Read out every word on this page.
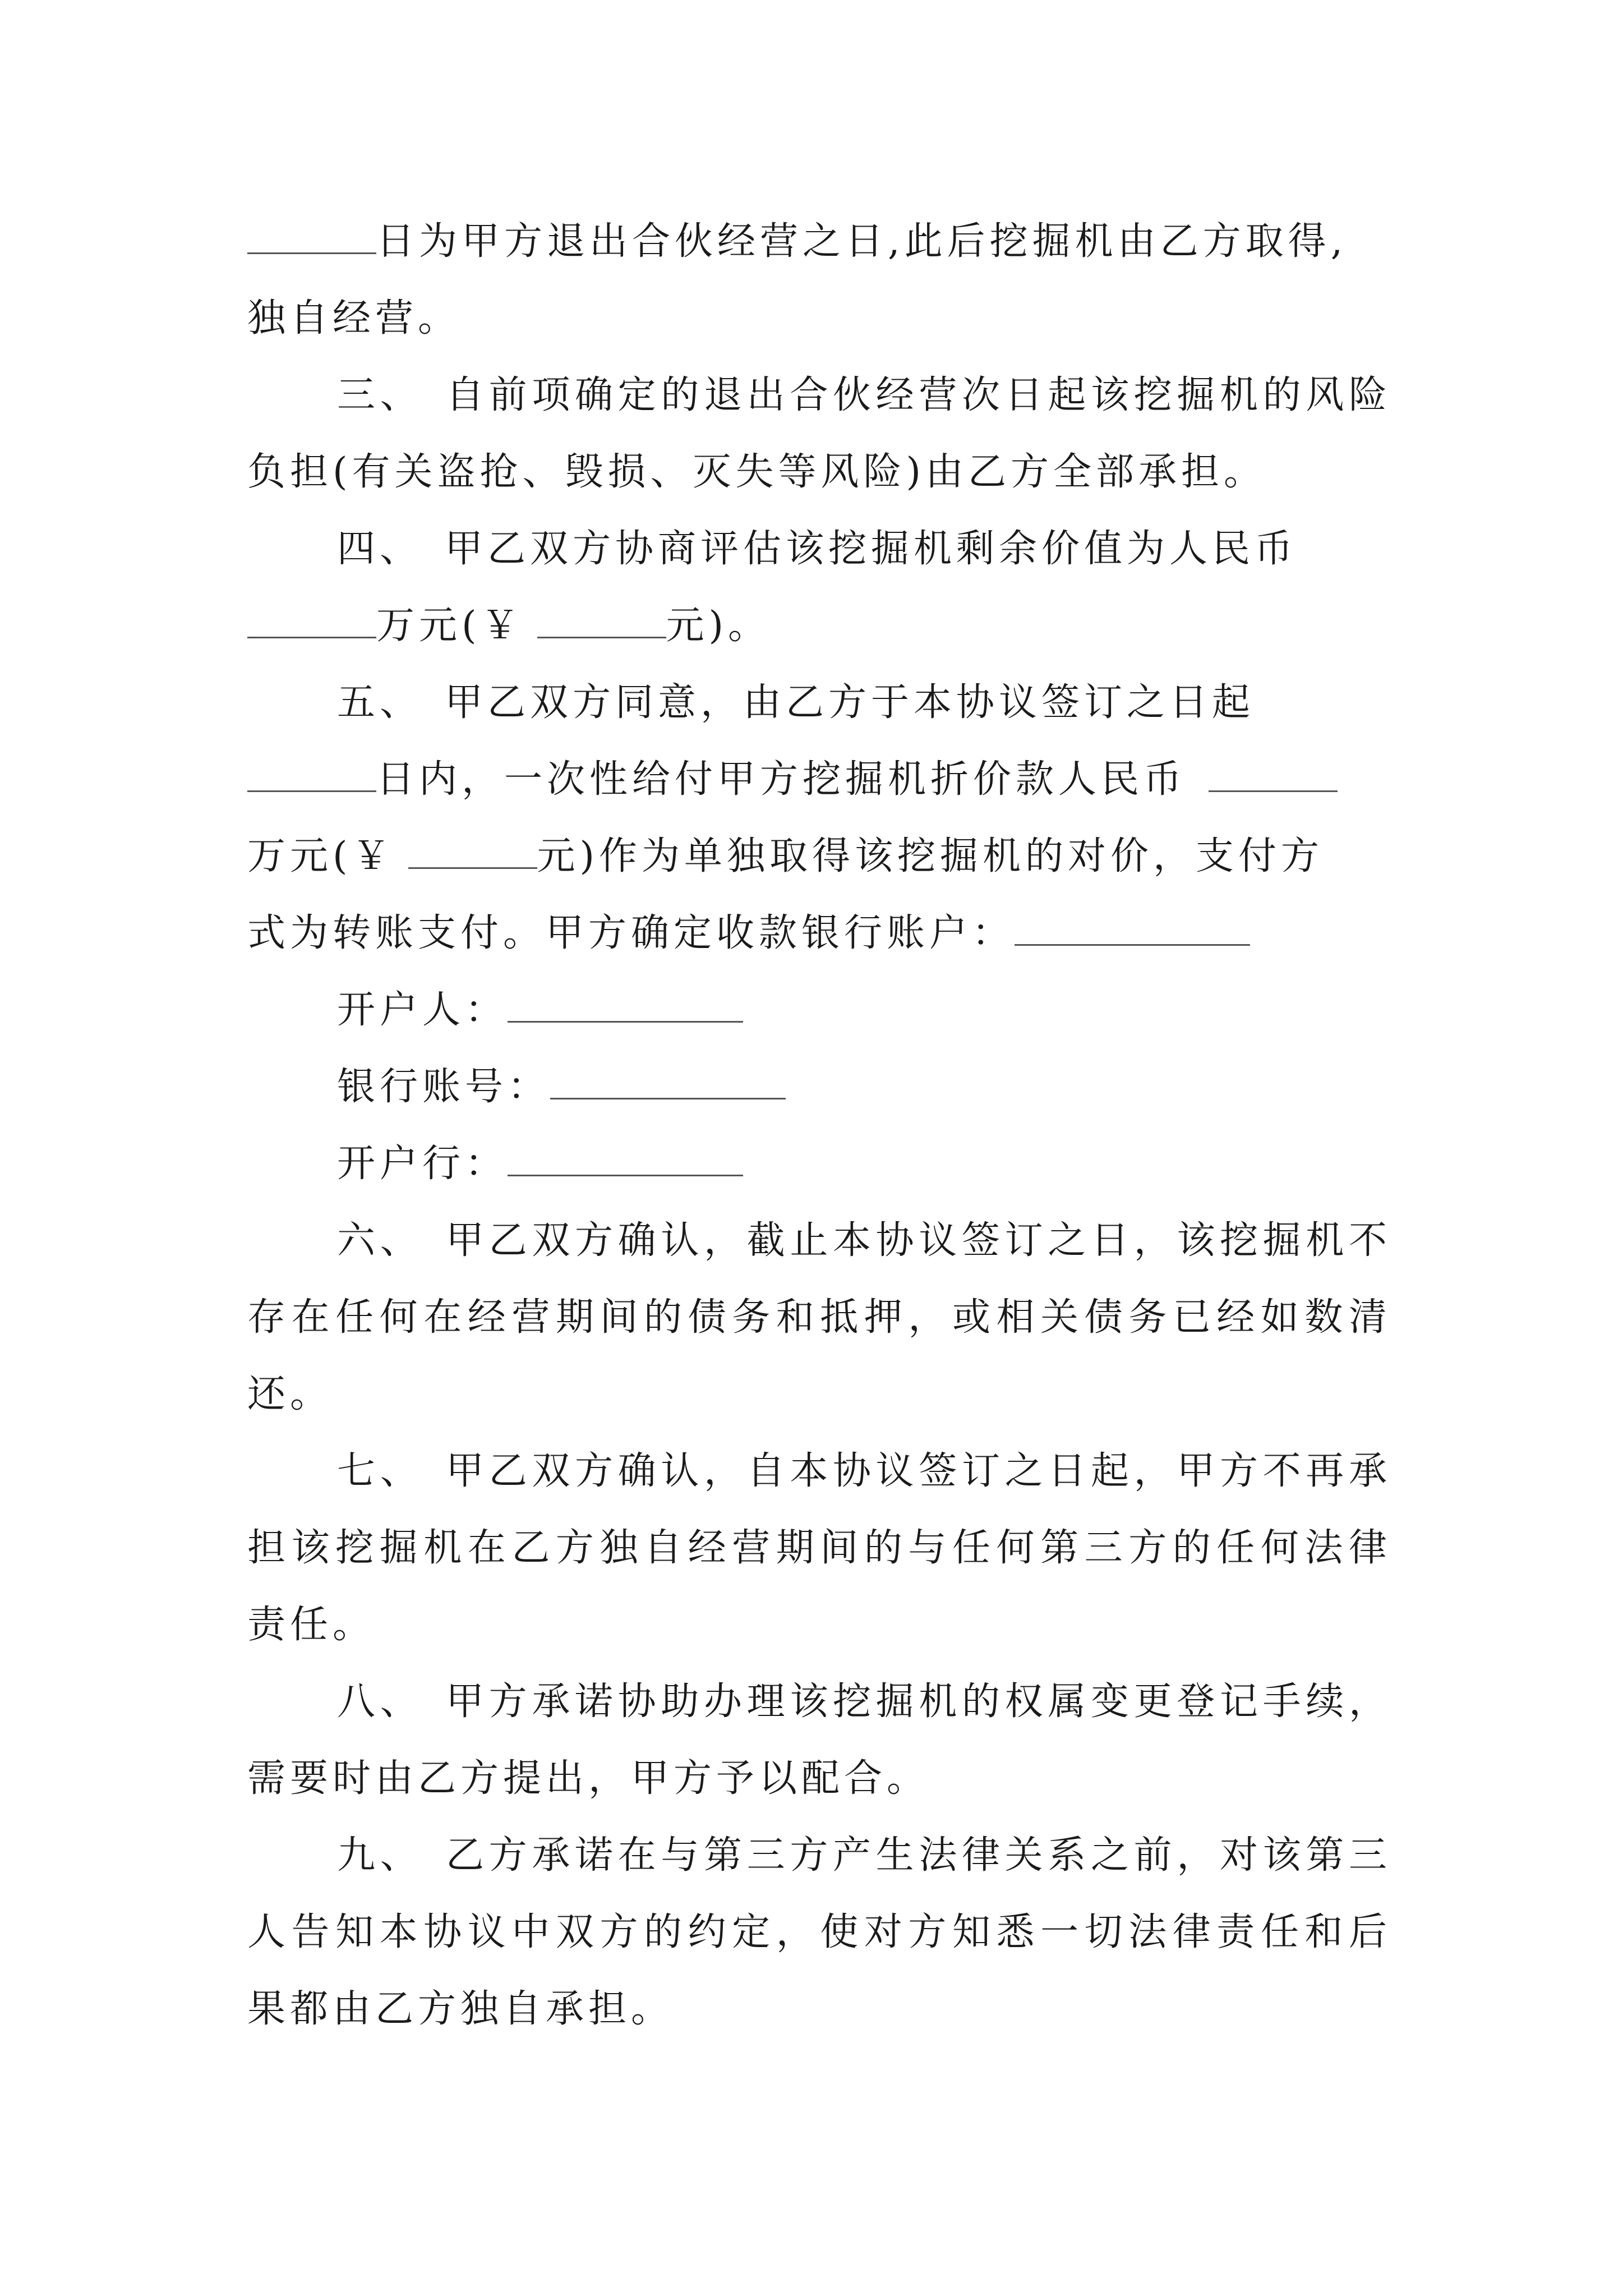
日为甲方退出合伙经营之日,此后挖掘机由乙方取得,
独自经营。

三、 自前项确定的退出合伙经营次日起该挖掘机的风险负担(有关盗抢、毁损、灭失等风险)由乙方全部承担。

四、 甲乙双方协商评估该挖掘机剩余价值为人民币

万元(￥	元)。

五、 甲乙双方同意，由乙方于本协议签订之日起

日内，一次性给付甲方挖掘机折价款人民币

万元(￥	元)作为单独取得该挖掘机的对价，支付方

式为转账支付。甲方确定收款银行账户：

开户人：

银行账号：

开户行：

六、 甲乙双方确认，截止本协议签订之日，该挖掘机不存在任何在经营期间的债务和抵押，或相关债务已经如数清还。

七、 甲乙双方确认，自本协议签订之日起，甲方不再承担该挖掘机在乙方独自经营期间的与任何第三方的任何法律责任。

八、 甲方承诺协助办理该挖掘机的权属变更登记手续，需要时由乙方提出，甲方予以配合。

九、 乙方承诺在与第三方产生法律关系之前，对该第三人告知本协议中双方的约定，使对方知悉一切法律责任和后果都由乙方独自承担。
